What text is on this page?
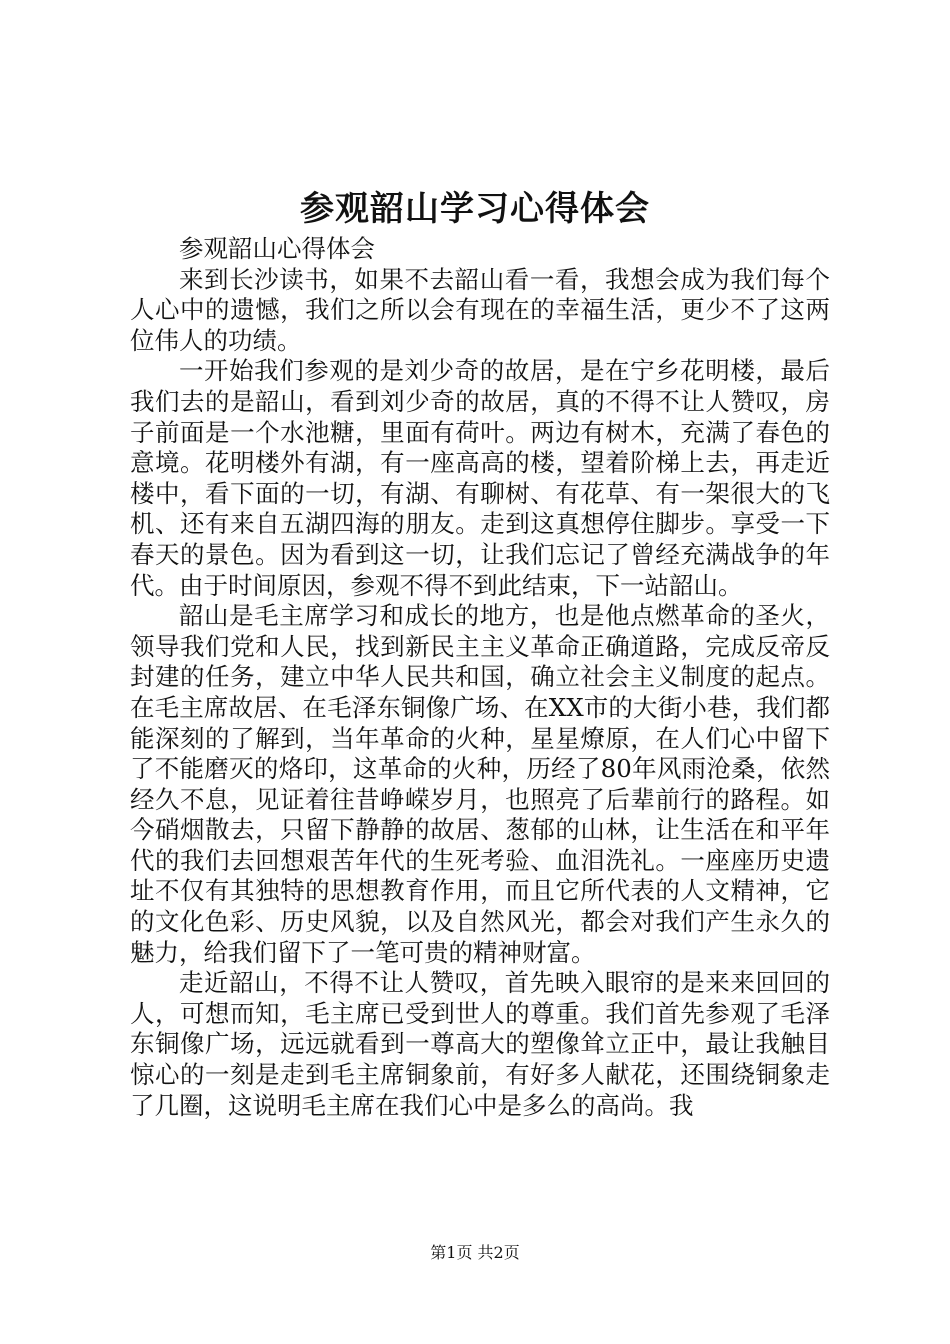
参观韶山学习心得体会

参观韶山心得体会

来到长沙读书，如果不去韶山看一看，我想会成为我们每个人心中的遗憾，我们之所以会有现在的幸福生活，更少不了这两位伟人的功绩。

一开始我们参观的是刘少奇的故居，是在宁乡花明楼，最后我们去的是韶山，看到刘少奇的故居，真的不得不让人赞叹，房子前面是一个水池糖，里面有荷叶。两边有树木，充满了春色的意境。花明楼外有湖，有一座高高的楼，望着阶梯上去，再走近楼中，看下面的一切，有湖、有聊树、有花草、有一架很大的飞机、还有来自五湖四海的朋友。走到这真想停住脚步。享受一下春天的景色。因为看到这一切，让我们忘记了曾经充满战争的年代。由于时间原因，参观不得不到此结束，下一站韶山。

韶山是毛主席学习和成长的地方，也是他点燃革命的圣火，领导我们党和人民，找到新民主主义革命正确道路，完成反帝反封建的任务，建立中华人民共和国，确立社会主义制度的起点。在毛主席故居、在毛泽东铜像广场、在XX市的大街小巷，我们都能深刻的了解到，当年革命的火种，星星燎原，在人们心中留下了不能磨灭的烙印，这革命的火种，历经了80年风雨沧桑，依然经久不息，见证着往昔峥嵘岁月，也照亮了后辈前行的路程。如今硝烟散去，只留下静静的故居、葱郁的山林，让生活在和平年代的我们去回想艰苦年代的生死考验、血泪洗礼。一座座历史遗址不仅有其独特的思想教育作用，而且它所代表的人文精神，它的文化色彩、历史风貌，以及自然风光，都会对我们产生永久的魅力，给我们留下了一笔可贵的精神财富。

走近韶山，不得不让人赞叹，首先映入眼帘的是来来回回的人，可想而知，毛主席已受到世人的尊重。我们首先参观了毛泽东铜像广场，远远就看到一尊高大的塑像耸立正中，最让我触目惊心的一刻是走到毛主席铜象前，有好多人献花，还围绕铜象走了几圈，这说明毛主席在我们心中是多么的高尚。我

第1页 共2页
